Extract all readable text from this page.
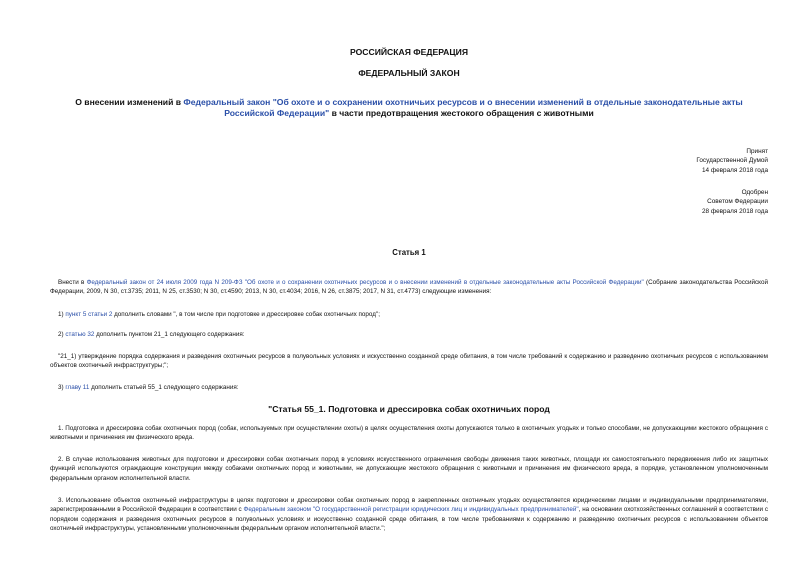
РОССИЙСКАЯ ФЕДЕРАЦИЯ
ФЕДЕРАЛЬНЫЙ ЗАКОН
О внесении изменений в Федеральный закон "Об охоте и о сохранении охотничьих ресурсов и о внесении изменений в отдельные законодательные акты Российской Федерации" в части предотвращения жестокого обращения с животными
Принят
Государственной Думой
14 февраля 2018 года
Одобрен
Советом Федерации
28 февраля 2018 года
Статья 1
Внести в Федеральный закон от 24 июля 2009 года N 209-ФЗ "Об охоте и о сохранении охотничьих ресурсов и о внесении изменений в отдельные законодательные акты Российской Федерации" (Собрание законодательства Российской Федерации, 2009, N 30, ст.3735; 2011, N 25, ст.3530; N 30, ст.4590; 2013, N 30, ст.4034; 2016, N 26, ст.3875; 2017, N 31, ст.4773) следующие изменения:
1) пункт 5 статьи 2 дополнить словами ", в том числе при подготовке и дрессировке собак охотничьих пород";
2) статью 32 дополнить пунктом 21_1 следующего содержания:
"21_1) утверждение порядка содержания и разведения охотничьих ресурсов в полувольных условиях и искусственно созданной среде обитания, в том числе требований к содержанию и разведению охотничьих ресурсов с использованием объектов охотничьей инфраструктуры;";
3) главу 11 дополнить статьей 55_1 следующего содержания:
"Статья 55_1. Подготовка и дрессировка собак охотничьих пород
1. Подготовка и дрессировка собак охотничьих пород (собак, используемых при осуществлении охоты) в целях осуществления охоты допускаются только в охотничьих угодьях и только способами, не допускающими жестокого обращения с животными и причинения им физического вреда.
2. В случае использования животных для подготовки и дрессировки собак охотничьих пород в условиях искусственного ограничения свободы движения таких животных, площади их самостоятельного передвижения либо их защитных функций используются ограждающие конструкции между собаками охотничьих пород и животными, не допускающие жестокого обращения с животными и причинения им физического вреда, в порядке, установленном уполномоченным федеральным органом исполнительной власти.
3. Использование объектов охотничьей инфраструктуры в целях подготовки и дрессировки собак охотничьих пород в закрепленных охотничьих угодьях осуществляется юридическими лицами и индивидуальными предпринимателями, зарегистрированными в Российской Федерации в соответствии с Федеральным законом "О государственной регистрации юридических лиц и индивидуальных предпринимателей", на основании охотхозяйственных соглашений в соответствии с порядком содержания и разведения охотничьих ресурсов в полувольных условиях и искусственно созданной среде обитания, в том числе требованиями к содержанию и разведению охотничьих ресурсов с использованием объектов охотничьей инфраструктуры, установленными уполномоченным федеральным органом исполнительной власти.";
